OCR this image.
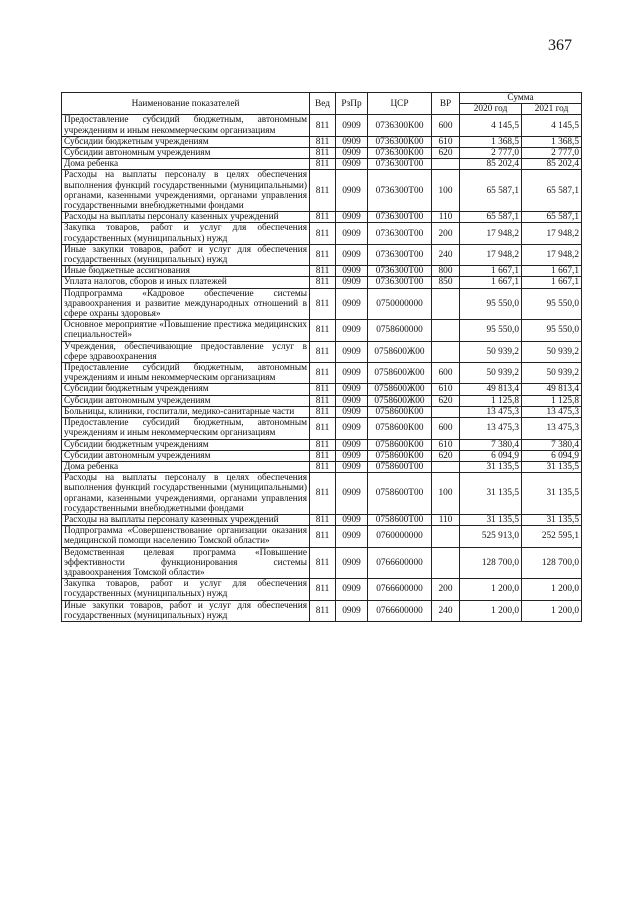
367
Наименование показателей	Вед	РзПр	ЦСР	ВР	Сумма	
					2020 год	2021 год
Предоставление субсидий бюджетным, автономным учреждениям и иным некоммерческим организациям	811	0909	0736300К00	600	4 145,5	4 145,5
Субсидии бюджетным учреждениям	811	0909	0736300К00	610	1 368,5	1 368,5
Субсидии автономным учреждениям	811	0909	0736300К00	620	2 777,0	2 777,0
Дома ребенка	811	0909	0736300Т00		85 202,4	85 202,4
Расходы на выплаты персоналу в целях обеспечения выполнения функций государственными (муниципальными) органами, казенными учреждениями, органами управления государственными внебюджетными фондами	811	0909	0736300Т00	100	65 587,1	65 587,1
Расходы на выплаты персоналу казенных учреждений	811	0909	0736300Т00	110	65 587,1	65 587,1
Закупка товаров, работ и услуг для обеспечения государственных (муниципальных) нужд	811	0909	0736300Т00	200	17 948,2	17 948,2
Иные закупки товаров, работ и услуг для обеспечения государственных (муниципальных) нужд	811	0909	0736300Т00	240	17 948,2	17 948,2
Иные бюджетные ассигнования	811	0909	0736300Т00	800	1 667,1	1 667,1
Уплата налогов, сборов и иных платежей	811	0909	0736300Т00	850	1 667,1	1 667,1
Подпрограмма «Кадровое обеспечение системы здравоохранения и развитие международных отношений в сфере охраны здоровья»	811	0909	0750000000		95 550,0	95 550,0
Основное мероприятие «Повышение престижа медицинских специальностей»	811	0909	0758600000		95 550,0	95 550,0
Учреждения, обеспечивающие предоставление услуг в сфере здравоохранения	811	0909	0758600Ж00		50 939,2	50 939,2
Предоставление субсидий бюджетным, автономным учреждениям и иным некоммерческим организациям	811	0909	0758600Ж00	600	50 939,2	50 939,2
Субсидии бюджетным учреждениям	811	0909	0758600Ж00	610	49 813,4	49 813,4
Субсидии автономным учреждениям	811	0909	0758600Ж00	620	1 125,8	1 125,8
Больницы, клиники, госпитали, медико-санитарные части	811	0909	0758600К00		13 475,3	13 475,3
Предоставление субсидий бюджетным, автономным учреждениям и иным некоммерческим организациям	811	0909	0758600К00	600	13 475,3	13 475,3
Субсидии бюджетным учреждениям	811	0909	0758600К00	610	7 380,4	7 380,4
Субсидии автономным учреждениям	811	0909	0758600К00	620	6 094,9	6 094,9
Дома ребенка	811	0909	0758600Т00		31 135,5	31 135,5
Расходы на выплаты персоналу в целях обеспечения выполнения функций государственными (муниципальными) органами, казенными учреждениями, органами управления государственными внебюджетными фондами	811	0909	0758600Т00	100	31 135,5	31 135,5
Расходы на выплаты персоналу казенных учреждений	811	0909	0758600Т00	110	31 135,5	31 135,5
Подпрограмма «Совершенствование организации оказания медицинской помощи населению Томской области»	811	0909	0760000000		525 913,0	252 595,1
Ведомственная целевая программа «Повышение эффективности функционирования системы здравоохранения Томской области»	811	0909	0766600000		128 700,0	128 700,0
Закупка товаров, работ и услуг для обеспечения государственных (муниципальных) нужд	811	0909	0766600000	200	1 200,0	1 200,0
Иные закупки товаров, работ и услуг для обеспечения государственных (муниципальных) нужд	811	0909	0766600000	240	1 200,0	1 200,0
